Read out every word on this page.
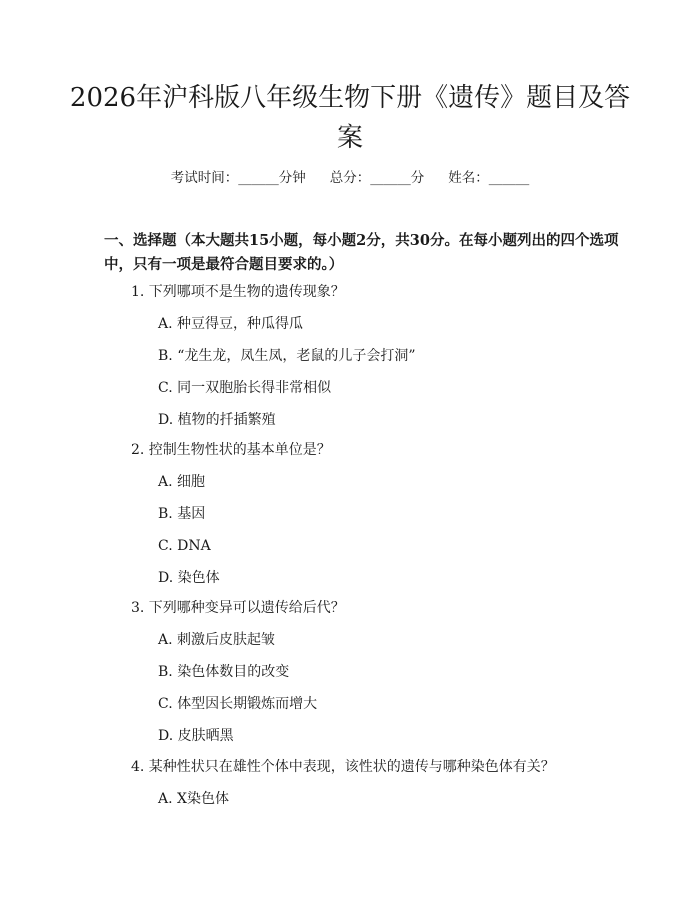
2026年沪科版八年级生物下册《遗传》题目及答案
考试时间：______分钟 总分：______分 姓名：______
一、选择题（本大题共15小题，每小题2分，共30分。在每小题列出的四个选项中，只有一项是最符合题目要求的。）
1. 下列哪项不是生物的遗传现象？
A. 种豆得豆，种瓜得瓜
B. “龙生龙，凤生凤，老鼠的儿子会打洞”
C. 同一双胞胎长得非常相似
D. 植物的扦插繁殖
2. 控制生物性状的基本单位是？
A. 细胞
B. 基因
C. DNA
D. 染色体
3. 下列哪种变异可以遗传给后代？
A. 刺激后皮肤起皱
B. 染色体数目的改变
C. 体型因长期锻炼而增大
D. 皮肤晒黑
4. 某种性状只在雄性个体中表现，该性状的遗传与哪种染色体有关？
A. X染色体
